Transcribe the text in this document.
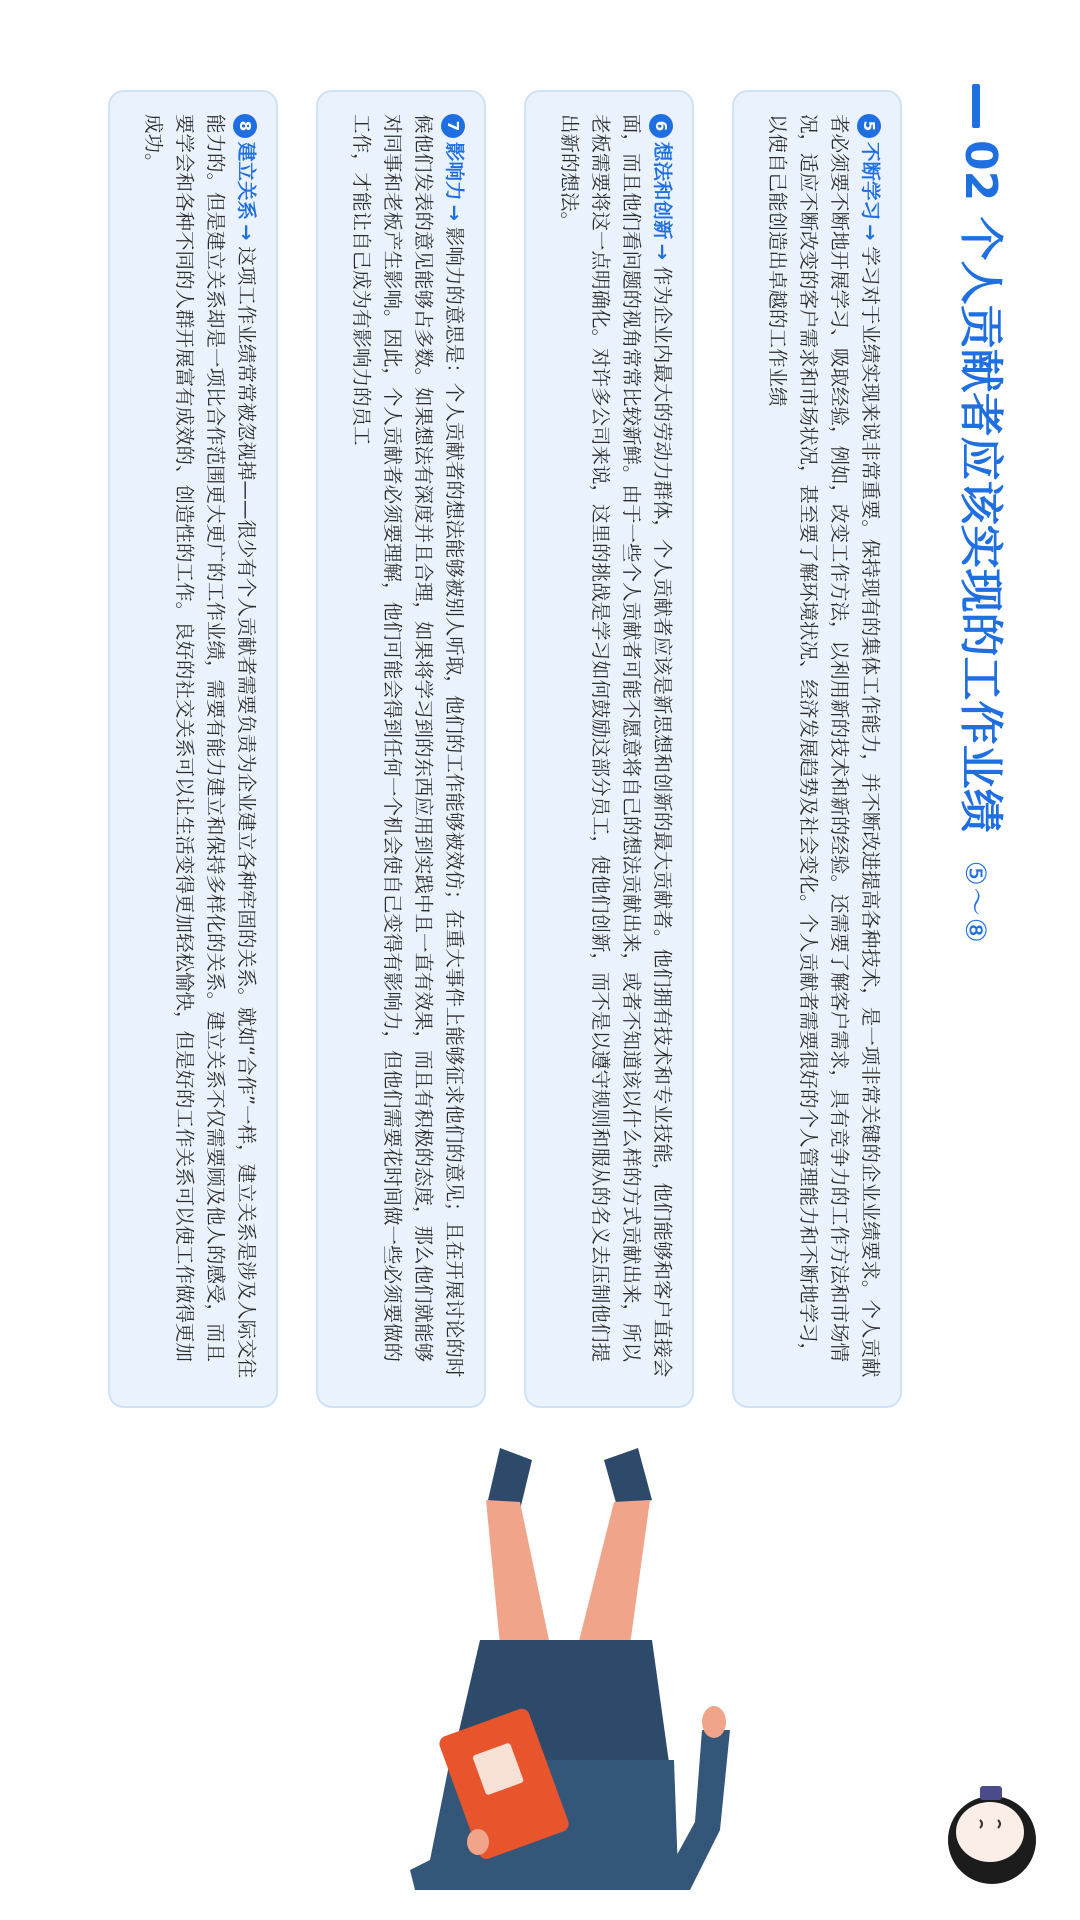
02 个人贡献者应该实现的工作业绩⑤～⑧
5不断学习→学习对于业绩实现来说非常重要。保持现有的集体工作能力，并不断改进提高各种技术，是一项非常关键的企业业绩要求。个人贡献者必须要不断地开展学习、吸取经验，例如，改变工作方法，以利用新的技术和新的经验。还需要了解客户需求，具有竞争力的工作方法和市场情况，适应不断改变的客户需求和市场状况，甚至要了解环境状况、经济发展趋势及社会变化。个人贡献者需要很好的个人管理能力和不断地学习，以使自己能创造出卓越的工作业绩
6想法和创新→作为企业内最大的劳动力群体，个人贡献者应该是新思想和创新的最大贡献者。他们拥有技术和专业技能，他们能够和客户直接会面，而且他们看问题的视角常常比较新鲜。由于一些个人贡献者可能不愿意将自己的想法贡献出来，或者不知道该以什么样的方式贡献出来，所以老板需要将这一点明确化。对许多公司来说，这里的挑战是学习如何鼓励这部分员工，使他们创新，而不是以遵守规则和服从的名义去压制他们提出新的想法。
7影响力→影响力的意思是：个人贡献者的想法能够被别人听取，他们的工作能够被效仿；在重大事件上能够征求他们的意见；且在开展讨论的时候他们发表的意见能够占多数。如果想法有深度并且合理，如果将学习到的东西应用到实践中且一直有效果，而且有积极的态度，那么他们就能够对同事和老板产生影响。因此，个人贡献者必须要理解，他们可能会得到任何一个机会使自己变得有影响力，但他们需要花时间做一些必须要做的工作，才能让自己成为有影响力的员工
8建立关系→这项工作业绩常常被忽视掉——很少有个人贡献者需要负责为企业建立各种牢固的关系。就如“合作”一样，建立关系是涉及人际交往能力的。但是建立关系却是一项比合作范围更大更广的工作业绩，需要有能力建立和保持多样化的关系。建立关系不仅需要顾及他人的感受，而且要学会和各种不同的人群开展富有成效的、创造性的工作。良好的社交关系可以让生活变得更加轻松愉快，但是好的工作关系可以使工作做得更加成功。
